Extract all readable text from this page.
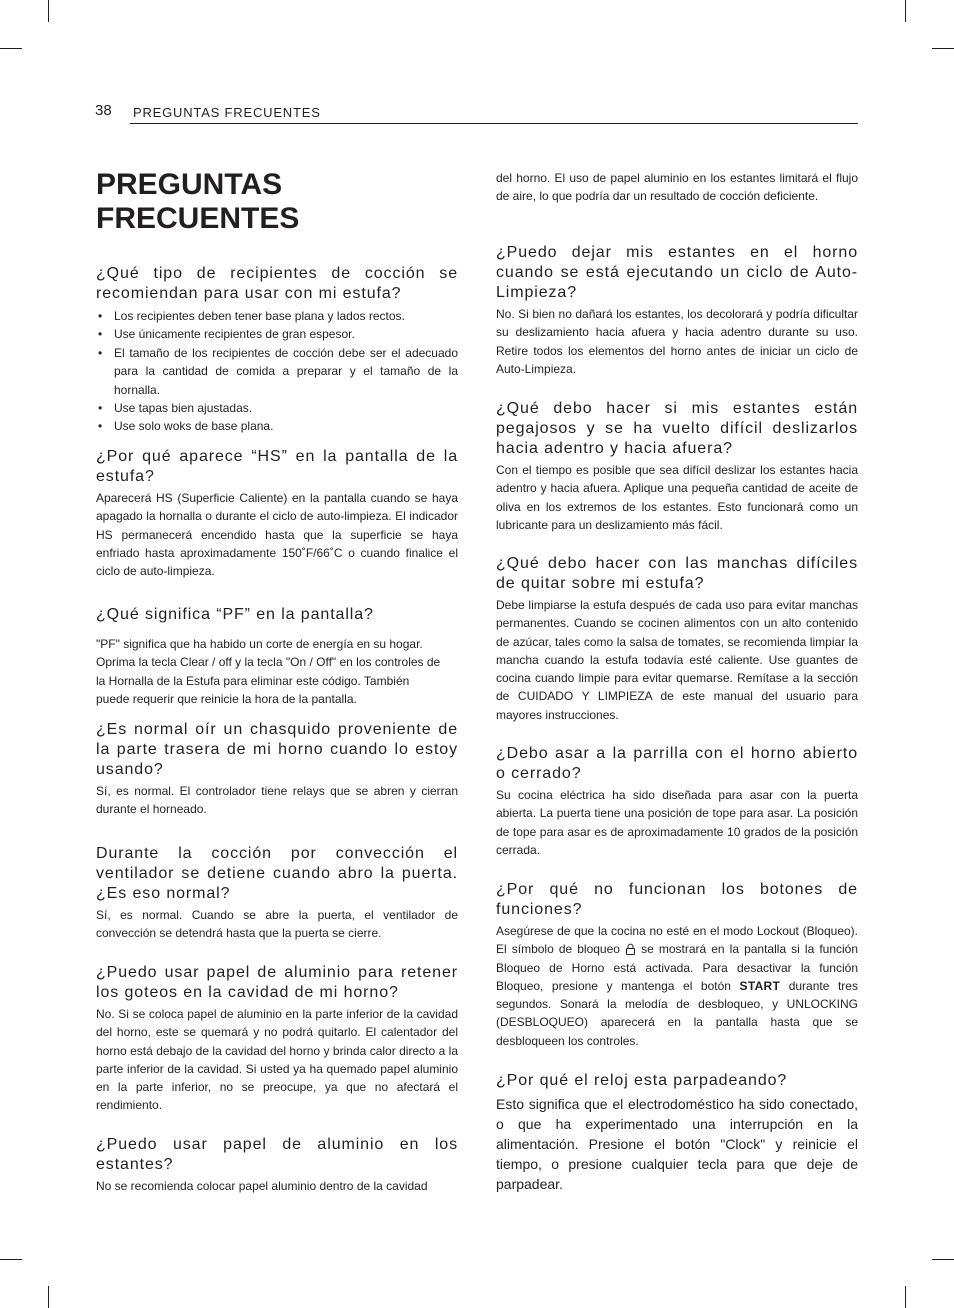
38 PREGUNTAS FRECUENTES
PREGUNTAS
FRECUENTES
¿Qué tipo de recipientes de cocción se recomiendan para usar con mi estufa?
• Los recipientes deben tener base plana y lados rectos.
• Use únicamente recipientes de gran espesor.
• El tamaño de los recipientes de cocción debe ser el adecuado para la cantidad de comida a preparar y el tamaño de la hornalla.
• Use tapas bien ajustadas.
• Use solo woks de base plana.
¿Por qué aparece “HS” en la pantalla de la estufa?

Aparecerá HS (Superficie Caliente) en la pantalla cuando se haya apagado la hornalla o durante el ciclo de auto-limpieza. El indicador HS permanecerá encendido hasta que la superficie se haya enfriado hasta aproximadamente 150˚F/66˚C o cuando finalice el ciclo de auto-limpieza.

¿Qué significa “PF” en la pantalla?

"PF" significa que ha habido un corte de energía en su hogar. Oprima la tecla Clear / off y la tecla "On / Off" en los controles de la Hornalla de la Estufa para eliminar este código. También puede requerir que reinicie la hora de la pantalla.

¿Es normal oír un chasquido proveniente de la parte trasera de mi horno cuando lo estoy usando?

Sí, es normal. El controlador tiene relays que se abren y cierran durante el horneado.

Durante la cocción por convección el ventilador se detiene cuando abro la puerta. ¿Es eso normal?

Sí, es normal. Cuando se abre la puerta, el ventilador de convección se detendrá hasta que la puerta se cierre.

¿Puedo usar papel de aluminio para retener los goteos en la cavidad de mi horno?

No. Si se coloca papel de aluminio en la parte inferior de la cavidad del horno, este se quemará y no podrá quitarlo. El calentador del horno está debajo de la cavidad del horno y brinda calor directo a la parte inferior de la cavidad. Si usted ya ha quemado papel aluminio en la parte inferior, no se preocupe, ya que no afectará el rendimiento.

¿Puedo usar papel de aluminio en los estantes?

No se recomienda colocar papel aluminio dentro de la cavidad

del horno. El uso de papel aluminio en los estantes limitará el flujo de aire, lo que podría dar un resultado de cocción deficiente.

¿Puedo dejar mis estantes en el horno cuando se está ejecutando un ciclo de Auto-Limpieza?

No. Si bien no dañará los estantes, los decolorará y podría dificultar su deslizamiento hacia afuera y hacia adentro durante su uso. Retire todos los elementos del horno antes de iniciar un ciclo de Auto-Limpieza.

¿Qué debo hacer si mis estantes están pegajosos y se ha vuelto difícil deslizarlos hacia adentro y hacia afuera?

Con el tiempo es posible que sea difícil deslizar los estantes hacia adentro y hacia afuera. Aplique una pequeña cantidad de aceite de oliva en los extremos de los estantes. Esto funcionará como un lubricante para un deslizamiento más fácil.

¿Qué debo hacer con las manchas difíciles de quitar sobre mi estufa?

Debe limpiarse la estufa después de cada uso para evitar manchas permanentes. Cuando se cocinen alimentos con un alto contenido de azúcar, tales como la salsa de tomates, se recomienda limpiar la mancha cuando la estufa todavía esté caliente. Use guantes de cocina cuando limpie para evitar quemarse. Remítase a la sección de CUIDADO Y LIMPIEZA de este manual del usuario para mayores instrucciones.

¿Debo asar a la parrilla con el horno abierto o cerrado?

Su cocina eléctrica ha sido diseñada para asar con la puerta abierta. La puerta tiene una posición de tope para asar. La posición de tope para asar es de aproximadamente 10 grados de la posición cerrada.

¿Por qué no funcionan los botones de funciones?

Asegúrese de que la cocina no esté en el modo Lockout (Bloqueo). El símbolo de bloqueo se mostrará en la pantalla si la función Bloqueo de Horno está activada. Para desactivar la función Bloqueo, presione y mantenga el botón START durante tres segundos. Sonará la melodía de desbloqueo, y UNLOCKING (DESBLOQUEO) aparecerá en la pantalla hasta que se desbloqueen los controles.

¿Por qué el reloj esta parpadeando?

Esto significa que el electrodoméstico ha sido conectado, o que ha experimentado una interrupción en la alimentación. Presione el botón "Clock" y reinicie el tiempo, o presione cualquier tecla para que deje de parpadear.
